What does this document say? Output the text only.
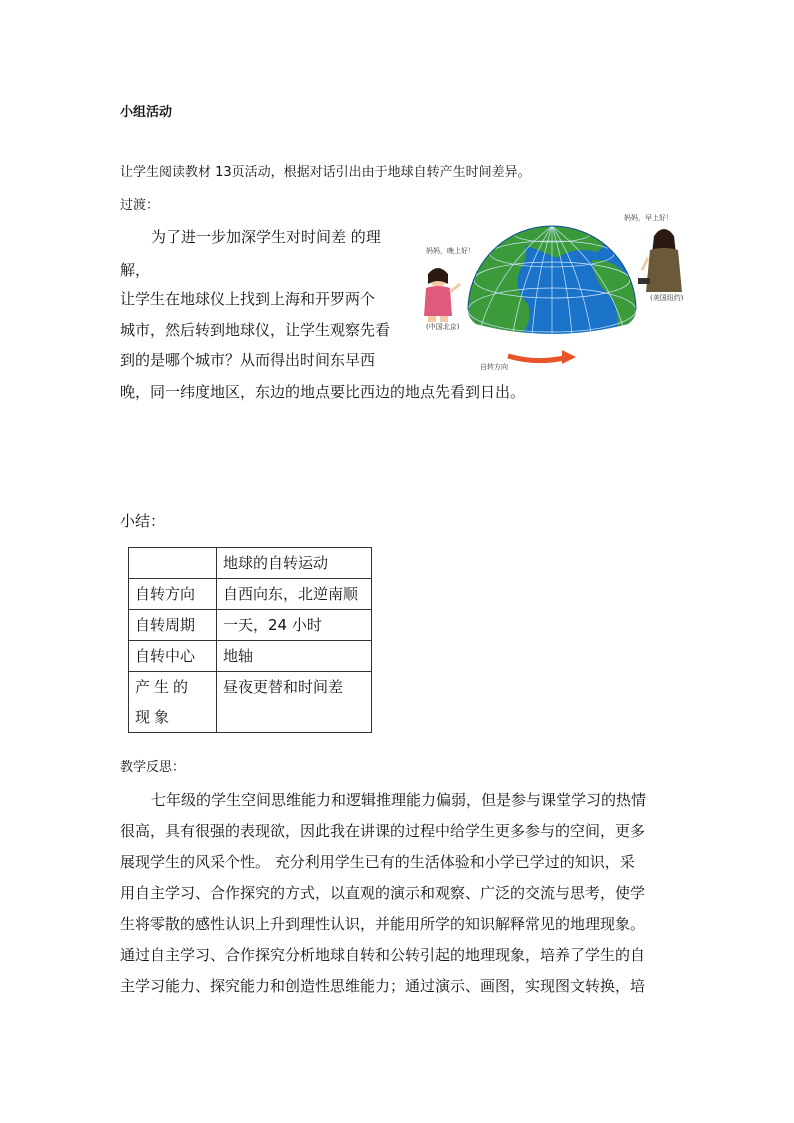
小组活动
让学生阅读教材 13页活动，根据对话引出由于地球自转产生时间差异。
过渡：
为了进一步加深学生对时间差 的理
解，
让学生在地球仪上找到上海和开罗两个
城市，然后转到地球仪，让学生观察先看
到的是哪个城市？从而得出时间东早西
晚，同一纬度地区，东边的地点要比西边的地点先看到日出。
自转方向
妈妈，晚上好！
(中国北京)
妈妈，早上好！
(美国纽约)
小结：
	地球的自转运动
自转方向	自西向东，北逆南顺
自转周期	一天，24 小时
自转中心	地轴
产生的现象	昼夜更替和时间差
教学反思：
七年级的学生空间思维能力和逻辑推理能力偏弱，但是参与课堂学习的热情
很高，具有很强的表现欲，因此我在讲课的过程中给学生更多参与的空间，更多
展现学生的风采个性。 充分利用学生已有的生活体验和小学已学过的知识，采
用自主学习、合作探究的方式，以直观的演示和观察、广泛的交流与思考，使学
生将零散的感性认识上升到理性认识，并能用所学的知识解释常见的地理现象。
通过自主学习、合作探究分析地球自转和公转引起的地理现象，培养了学生的自
主学习能力、探究能力和创造性思维能力；通过演示、画图，实现图文转换，培
